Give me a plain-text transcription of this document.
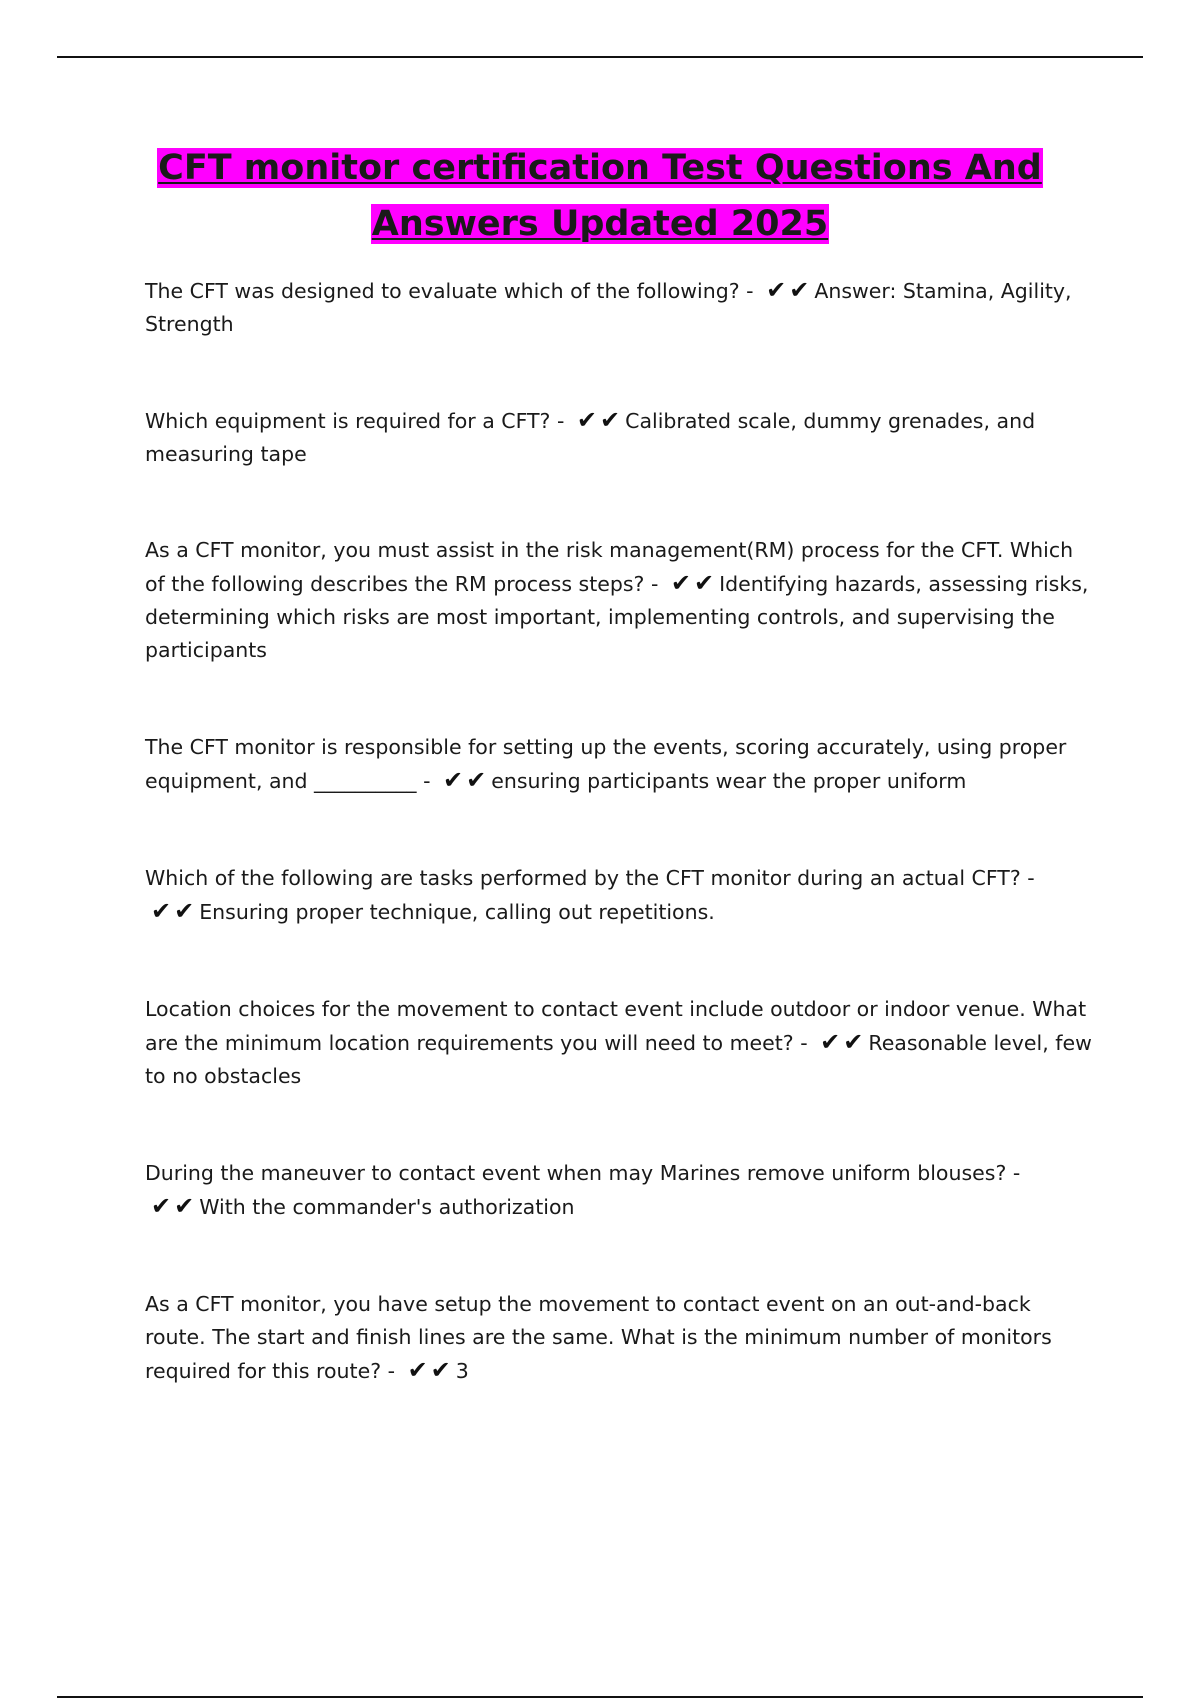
CFT monitor certification Test Questions And
Answers Updated 2025
The CFT was designed to evaluate which of the following? - ✔✔Answer: Stamina, Agility, Strength
Which equipment is required for a CFT? - ✔✔Calibrated scale, dummy grenades, and measuring tape
As a CFT monitor, you must assist in the risk management(RM) process for the CFT. Which of the following describes the RM process steps? - ✔✔Identifying hazards, assessing risks, determining which risks are most important, implementing controls, and supervising the participants
The CFT monitor is responsible for setting up the events, scoring accurately, using proper equipment, and __________ - ✔✔ensuring participants wear the proper uniform
Which of the following are tasks performed by the CFT monitor during an actual CFT? - ✔✔Ensuring proper technique, calling out repetitions.
Location choices for the movement to contact event include outdoor or indoor venue. What are the minimum location requirements you will need to meet? - ✔✔Reasonable level, few to no obstacles
During the maneuver to contact event when may Marines remove uniform blouses? - ✔✔With the commander's authorization
As a CFT monitor, you have setup the movement to contact event on an out-and-back route. The start and finish lines are the same. What is the minimum number of monitors required for this route? - ✔✔3
